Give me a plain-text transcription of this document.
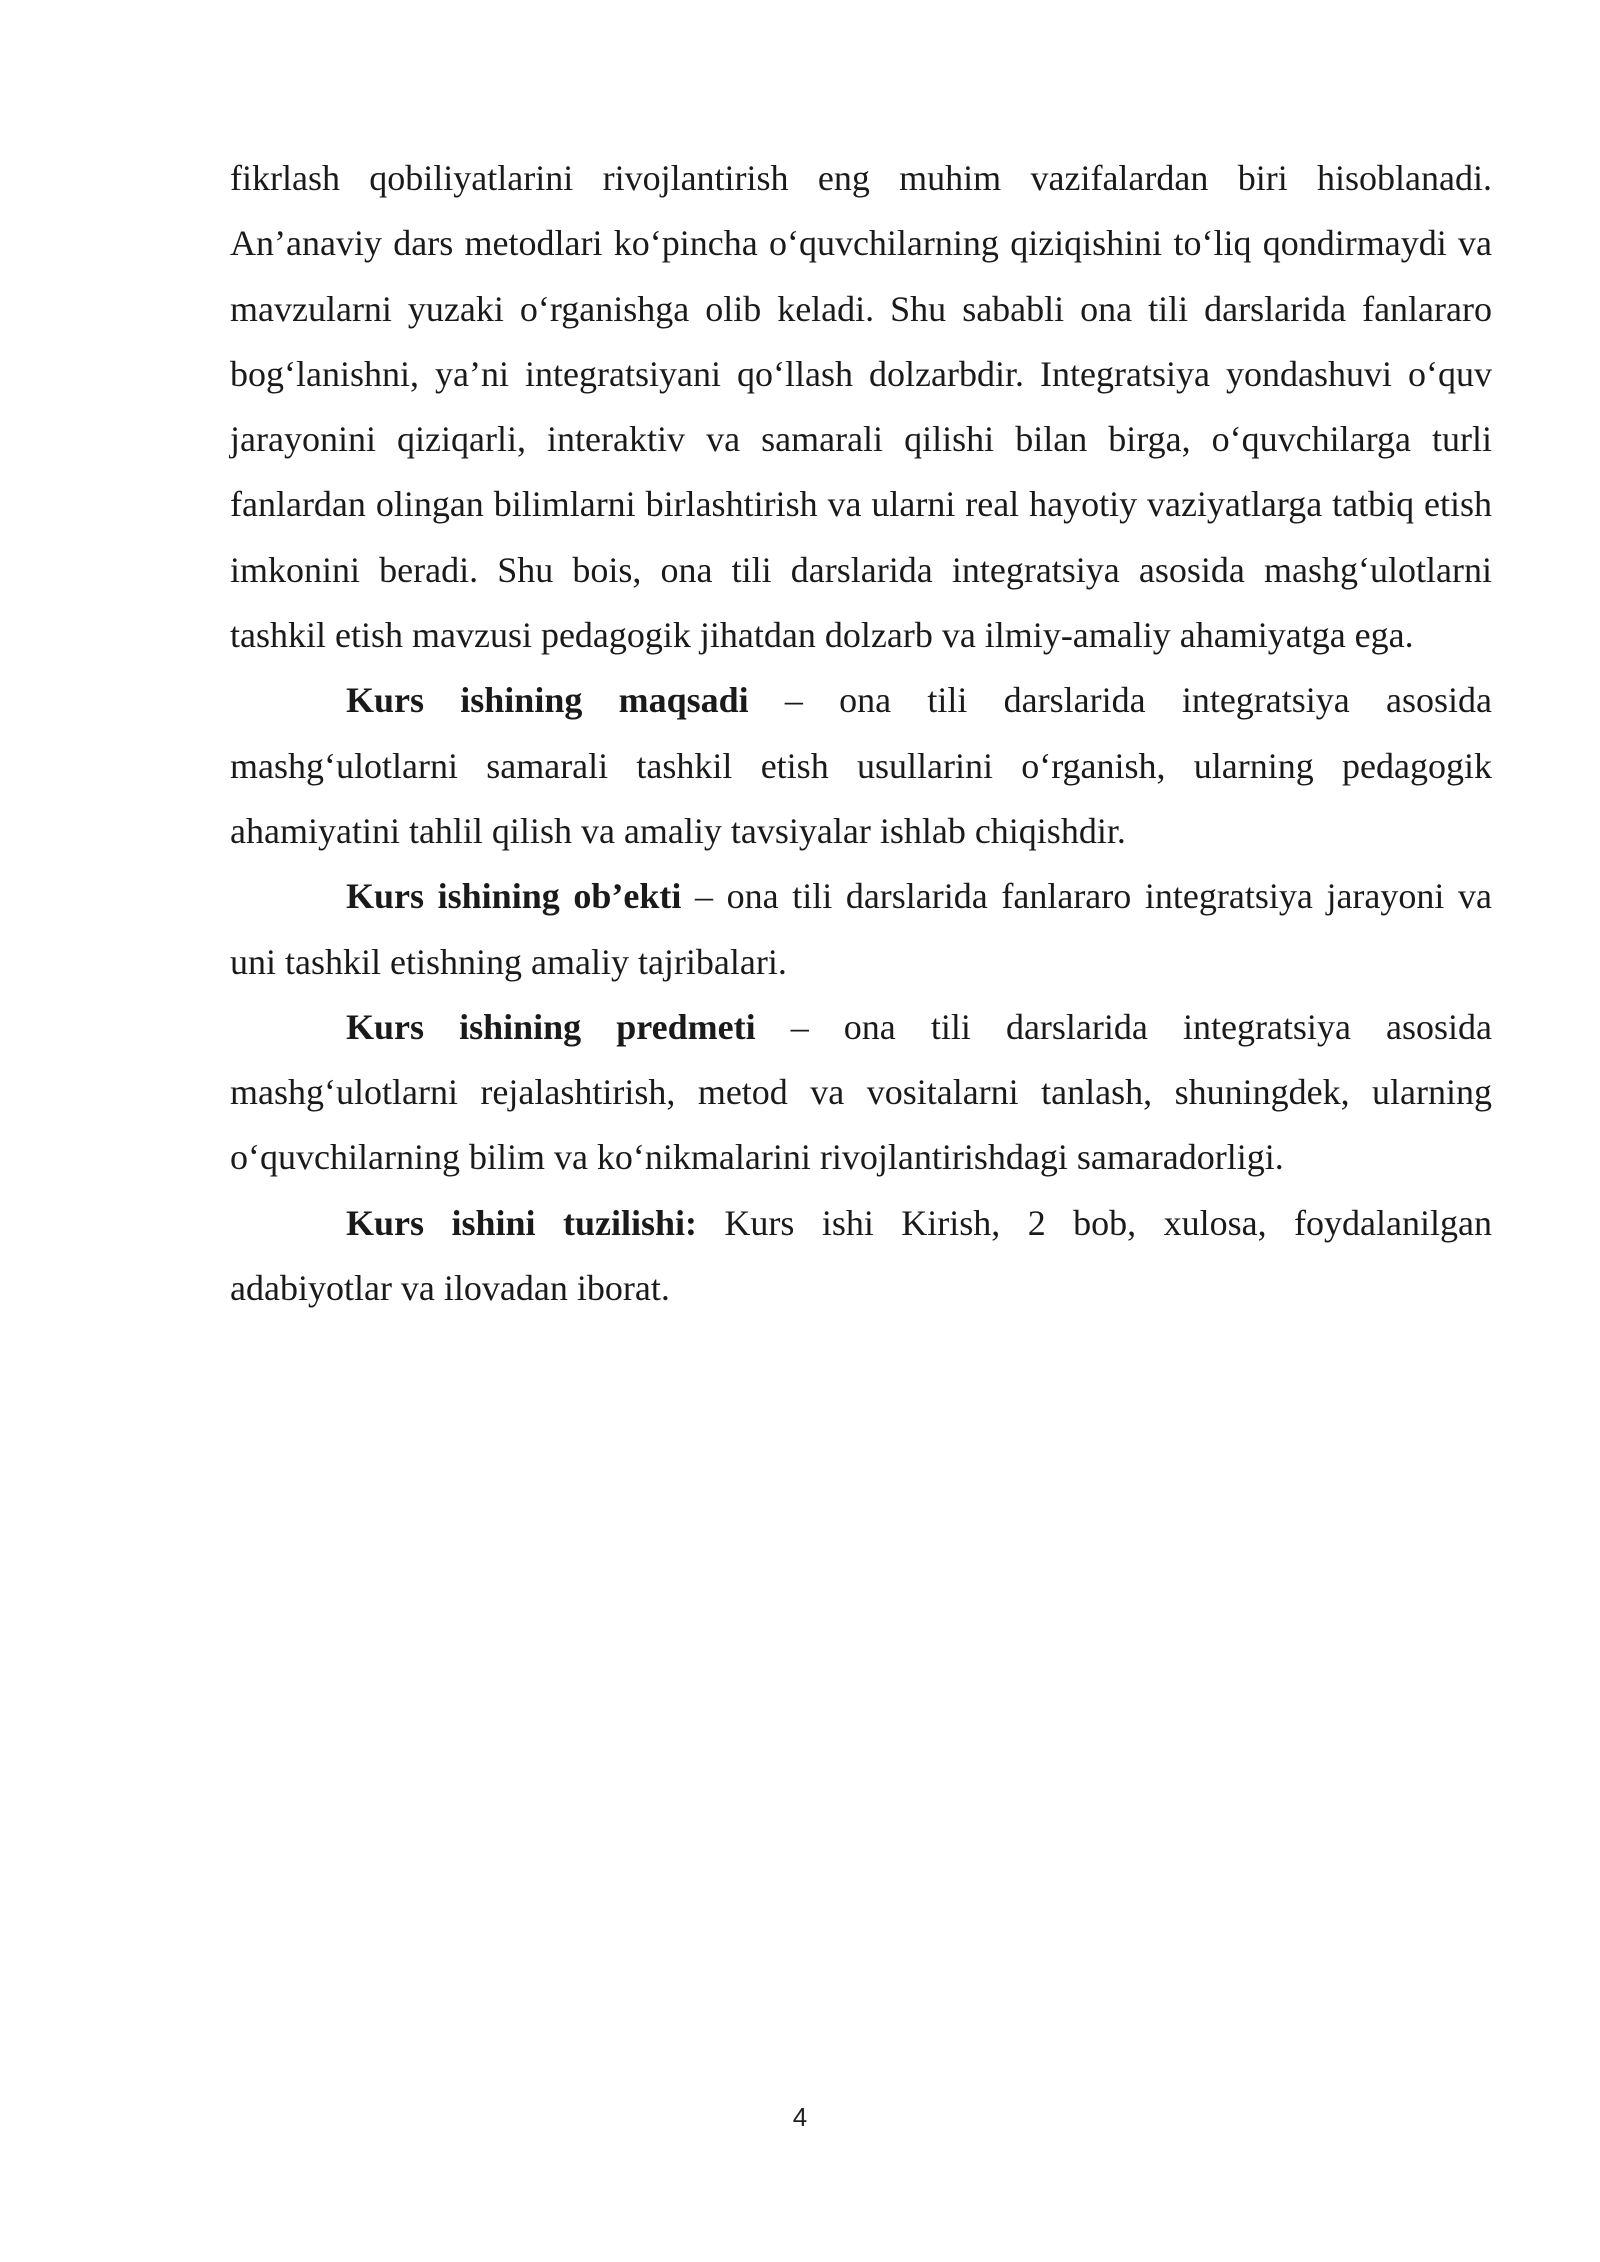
fikrlash qobiliyatlarini rivojlantirish eng muhim vazifalardan biri hisoblanadi. An’anaviy dars metodlari ko‘pincha o‘quvchilarning qiziqishini to‘liq qondirmaydi va mavzularni yuzaki o‘rganishga olib keladi. Shu sababli ona tili darslarida fanlararo bog‘lanishni, ya’ni integratsiyani qo‘llash dolzarbdir. Integratsiya yondashuvi o‘quv jarayonini qiziqarli, interaktiv va samarali qilishi bilan birga, o‘quvchilarga turli fanlardan olingan bilimlarni birlashtirish va ularni real hayotiy vaziyatlarga tatbiq etish imkonini beradi. Shu bois, ona tili darslarida integratsiya asosida mashg‘ulotlarni tashkil etish mavzusi pedagogik jihatdan dolzarb va ilmiy-amaliy ahamiyatga ega.

Kurs ishining maqsadi – ona tili darslarida integratsiya asosida mashg‘ulotlarni samarali tashkil etish usullarini o‘rganish, ularning pedagogik ahamiyatini tahlil qilish va amaliy tavsiyalar ishlab chiqishdir.

Kurs ishining ob’ekti – ona tili darslarida fanlararo integratsiya jarayoni va uni tashkil etishning amaliy tajribalari.

Kurs ishining predmeti – ona tili darslarida integratsiya asosida mashg‘ulotlarni rejalashtirish, metod va vositalarni tanlash, shuningdek, ularning o‘quvchilarning bilim va ko‘nikmalarini rivojlantirishdagi samaradorligi.

Kurs ishini tuzilishi: Kurs ishi Kirish, 2 bob, xulosa, foydalanilgan adabiyotlar va ilovadan iborat.

4
